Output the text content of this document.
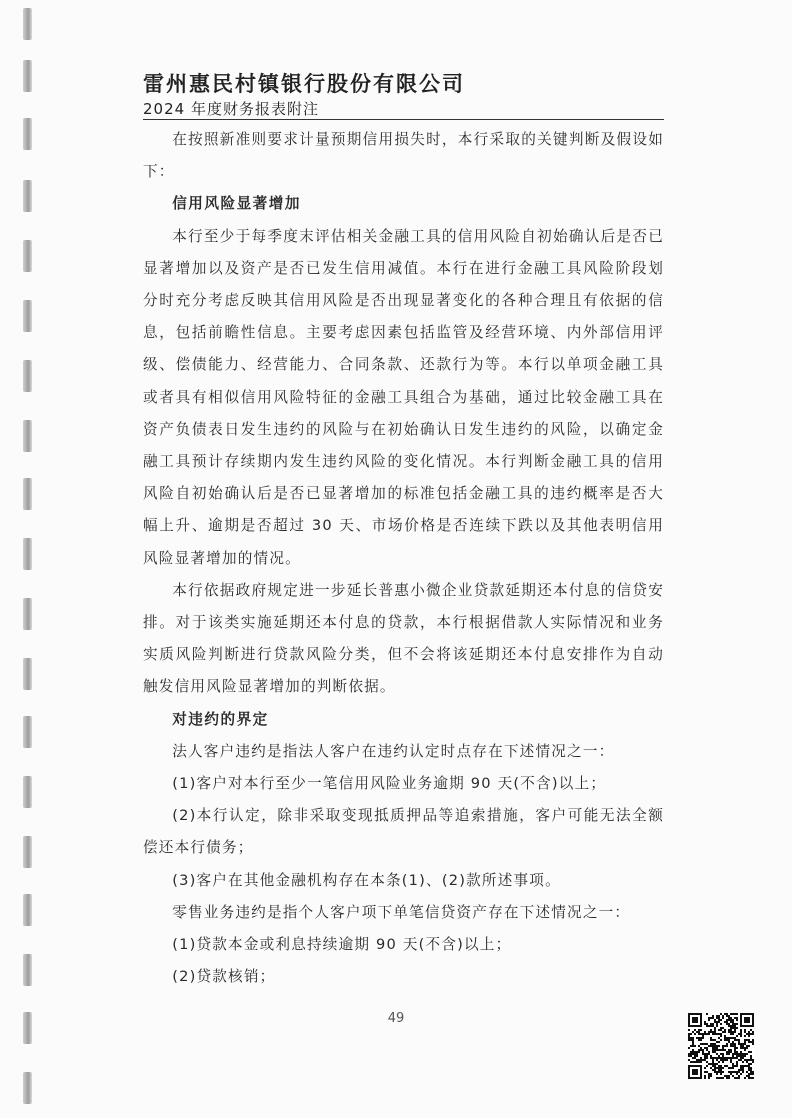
雷州惠民村镇银行股份有限公司
2024 年度财务报表附注

在按照新准则要求计量预期信用损失时，本行采取的关键判断及假设如下：

信用风险显著增加

本行至少于每季度末评估相关金融工具的信用风险自初始确认后是否已显著增加以及资产是否已发生信用减值。本行在进行金融工具风险阶段划分时充分考虑反映其信用风险是否出现显著变化的各种合理且有依据的信息，包括前瞻性信息。主要考虑因素包括监管及经营环境、内外部信用评级、偿债能力、经营能力、合同条款、还款行为等。本行以单项金融工具或者具有相似信用风险特征的金融工具组合为基础，通过比较金融工具在资产负债表日发生违约的风险与在初始确认日发生违约的风险，以确定金融工具预计存续期内发生违约风险的变化情况。本行判断金融工具的信用风险自初始确认后是否已显著增加的标准包括金融工具的违约概率是否大幅上升、逾期是否超过 30 天、市场价格是否连续下跌以及其他表明信用风险显著增加的情况。

本行依据政府规定进一步延长普惠小微企业贷款延期还本付息的信贷安排。对于该类实施延期还本付息的贷款，本行根据借款人实际情况和业务实质风险判断进行贷款风险分类，但不会将该延期还本付息安排作为自动触发信用风险显著增加的判断依据。

对违约的界定

法人客户违约是指法人客户在违约认定时点存在下述情况之一：

(1)客户对本行至少一笔信用风险业务逾期 90 天(不含)以上；

(2)本行认定，除非采取变现抵质押品等追索措施，客户可能无法全额偿还本行债务；

(3)客户在其他金融机构存在本条(1)、(2)款所述事项。

零售业务违约是指个人客户项下单笔信贷资产存在下述情况之一：

(1)贷款本金或利息持续逾期 90 天(不含)以上；

(2)贷款核销；

49
